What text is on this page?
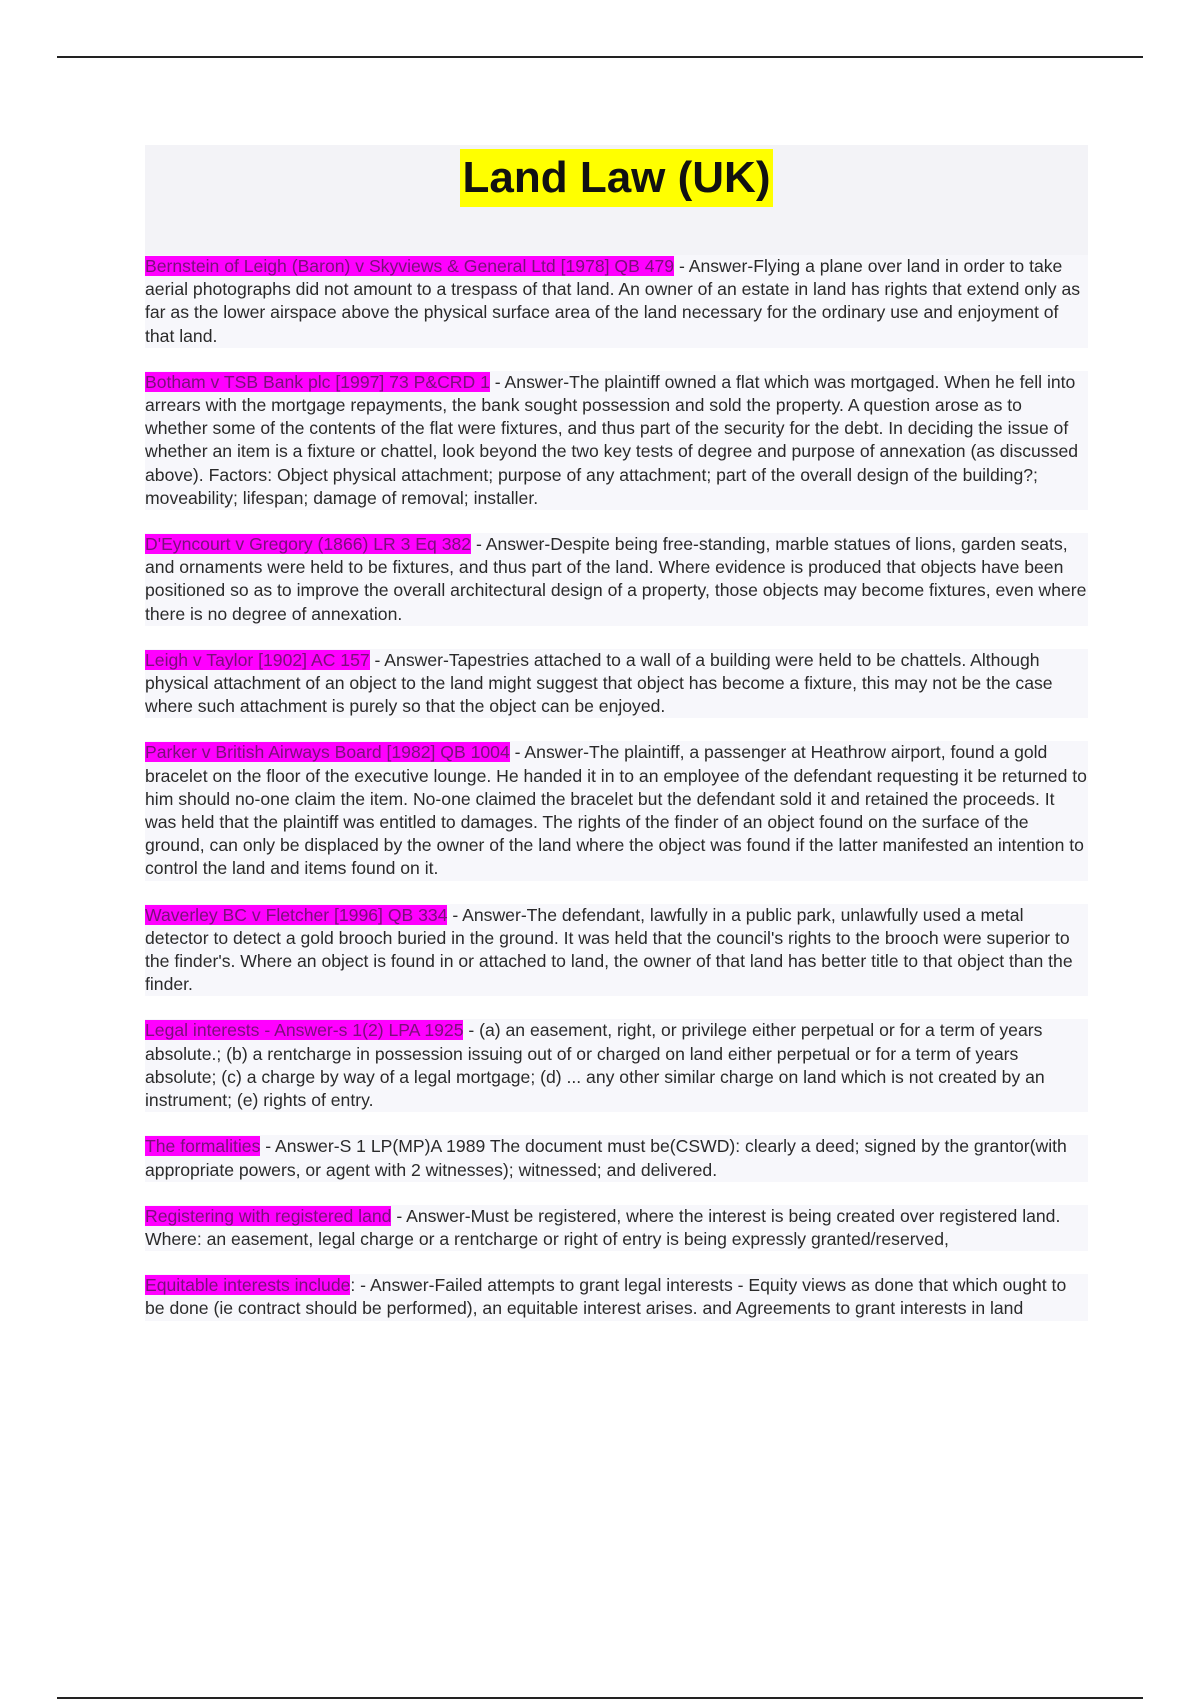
Land Law (UK)

Bernstein of Leigh (Baron) v Skyviews & General Ltd [1978] QB 479 - Answer-Flying a plane over land in order to take aerial photographs did not amount to a trespass of that land. An owner of an estate in land has rights that extend only as far as the lower airspace above the physical surface area of the land necessary for the ordinary use and enjoyment of that land.

Botham v TSB Bank plc [1997] 73 P&CRD 1 - Answer-The plaintiff owned a flat which was mortgaged. When he fell into arrears with the mortgage repayments, the bank sought possession and sold the property. A question arose as to whether some of the contents of the flat were fixtures, and thus part of the security for the debt. In deciding the issue of whether an item is a fixture or chattel, look beyond the two key tests of degree and purpose of annexation (as discussed above). Factors: Object physical attachment; purpose of any attachment; part of the overall design of the building?; moveability; lifespan; damage of removal; installer.

D'Eyncourt v Gregory (1866) LR 3 Eq 382 - Answer-Despite being free-standing, marble statues of lions, garden seats, and ornaments were held to be fixtures, and thus part of the land. Where evidence is produced that objects have been positioned so as to improve the overall architectural design of a property, those objects may become fixtures, even where there is no degree of annexation.

Leigh v Taylor [1902] AC 157 - Answer-Tapestries attached to a wall of a building were held to be chattels. Although physical attachment of an object to the land might suggest that object has become a fixture, this may not be the case where such attachment is purely so that the object can be enjoyed.

Parker v British Airways Board [1982] QB 1004 - Answer-The plaintiff, a passenger at Heathrow airport, found a gold bracelet on the floor of the executive lounge. He handed it in to an employee of the defendant requesting it be returned to him should no-one claim the item. No-one claimed the bracelet but the defendant sold it and retained the proceeds. It was held that the plaintiff was entitled to damages. The rights of the finder of an object found on the surface of the ground, can only be displaced by the owner of the land where the object was found if the latter manifested an intention to control the land and items found on it.

Waverley BC v Fletcher [1996] QB 334 - Answer-The defendant, lawfully in a public park, unlawfully used a metal detector to detect a gold brooch buried in the ground. It was held that the council's rights to the brooch were superior to the finder's. Where an object is found in or attached to land, the owner of that land has better title to that object than the finder.

Legal interests - Answer-s 1(2) LPA 1925 - (a) an easement, right, or privilege either perpetual or for a term of years absolute.; (b) a rentcharge in possession issuing out of or charged on land either perpetual or for a term of years absolute; (c) a charge by way of a legal mortgage; (d) ... any other similar charge on land which is not created by an instrument; (e) rights of entry.

The formalities - Answer-S 1 LP(MP)A 1989 The document must be(CSWD): clearly a deed; signed by the grantor(with appropriate powers, or agent with 2 witnesses); witnessed; and delivered.

Registering with registered land - Answer-Must be registered, where the interest is being created over registered land. Where: an easement, legal charge or a rentcharge or right of entry is being expressly granted/reserved,

Equitable interests include: - Answer-Failed attempts to grant legal interests - Equity views as done that which ought to be done (ie contract should be performed), an equitable interest arises. and Agreements to grant interests in land
